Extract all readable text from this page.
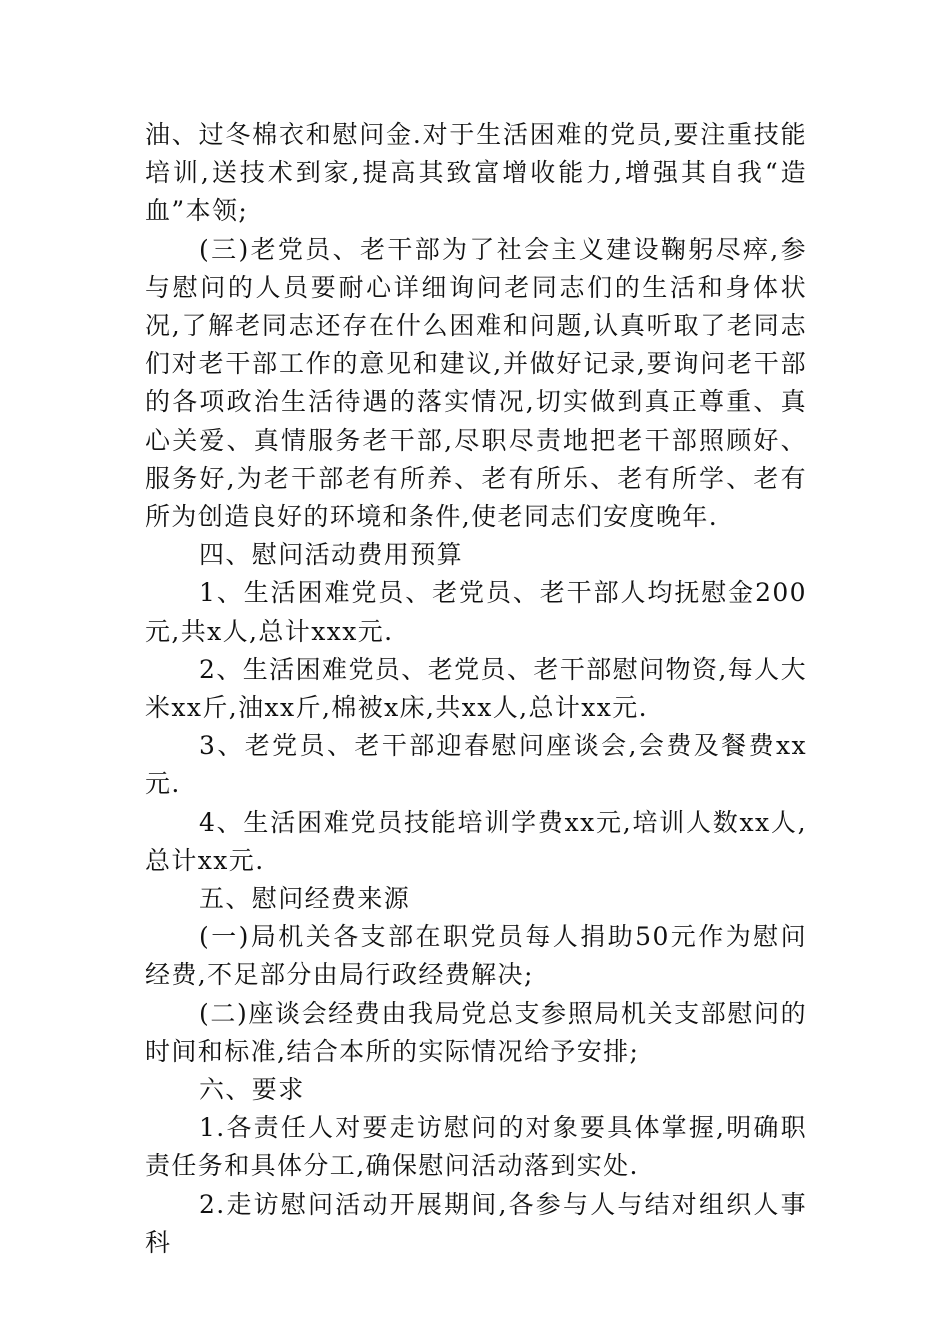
油、过冬棉衣和慰问金.对于生活困难的党员,要注重技能培训,送技术到家,提高其致富增收能力,增强其自我“造血”本领;

(三)老党员、老干部为了社会主义建设鞠躬尽瘁,参与慰问的人员要耐心详细询问老同志们的生活和身体状况,了解老同志还存在什么困难和问题,认真听取了老同志们对老干部工作的意见和建议,并做好记录,要询问老干部的各项政治生活待遇的落实情况,切实做到真正尊重、真心关爱、真情服务老干部,尽职尽责地把老干部照顾好、服务好,为老干部老有所养、老有所乐、老有所学、老有所为创造良好的环境和条件,使老同志们安度晚年.

四、慰问活动费用预算

1、生活困难党员、老党员、老干部人均抚慰金200元,共x人,总计xxx元.

2、生活困难党员、老党员、老干部慰问物资,每人大米xx斤,油xx斤,棉被x床,共xx人,总计xx元.

3、老党员、老干部迎春慰问座谈会,会费及餐费xx元.

4、生活困难党员技能培训学费xx元,培训人数xx人,总计xx元.

五、慰问经费来源

(一)局机关各支部在职党员每人捐助50元作为慰问经费,不足部分由局行政经费解决;

(二)座谈会经费由我局党总支参照局机关支部慰问的时间和标准,结合本所的实际情况给予安排;

六、要求

1.各责任人对要走访慰问的对象要具体掌握,明确职责任务和具体分工,确保慰问活动落到实处.

2.走访慰问活动开展期间,各参与人与结对组织人事科
